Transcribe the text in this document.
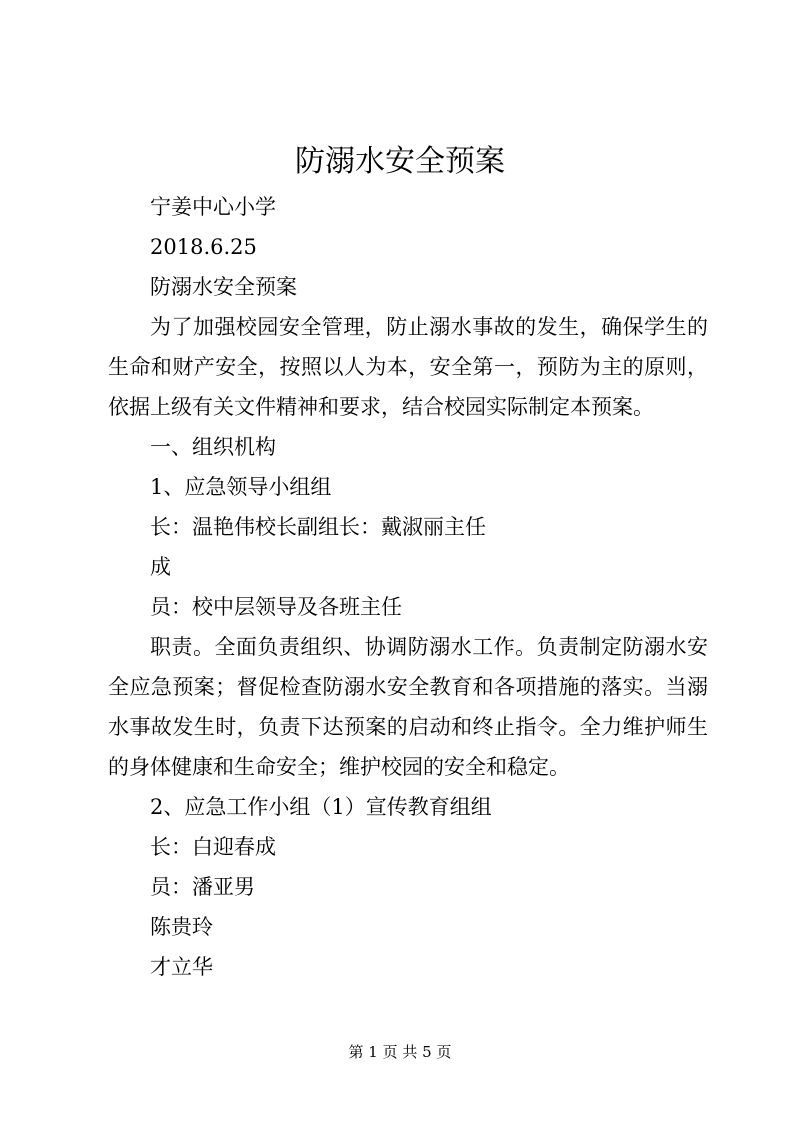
防溺水安全预案

宁姜中心小学

2018.6.25

防溺水安全预案

为了加强校园安全管理，防止溺水事故的发生，确保学生的生命和财产安全，按照以人为本，安全第一，预防为主的原则，依据上级有关文件精神和要求，结合校园实际制定本预案。

一、组织机构

1、应急领导小组组

长：温艳伟校长副组长：戴淑丽主任

成

员：校中层领导及各班主任

职责。全面负责组织、协调防溺水工作。负责制定防溺水安全应急预案；督促检查防溺水安全教育和各项措施的落实。当溺水事故发生时，负责下达预案的启动和终止指令。全力维护师生的身体健康和生命安全；维护校园的安全和稳定。

2、应急工作小组（1）宣传教育组组

长：白迎春成

员：潘亚男

陈贵玲

才立华

第 1 页 共 5 页
